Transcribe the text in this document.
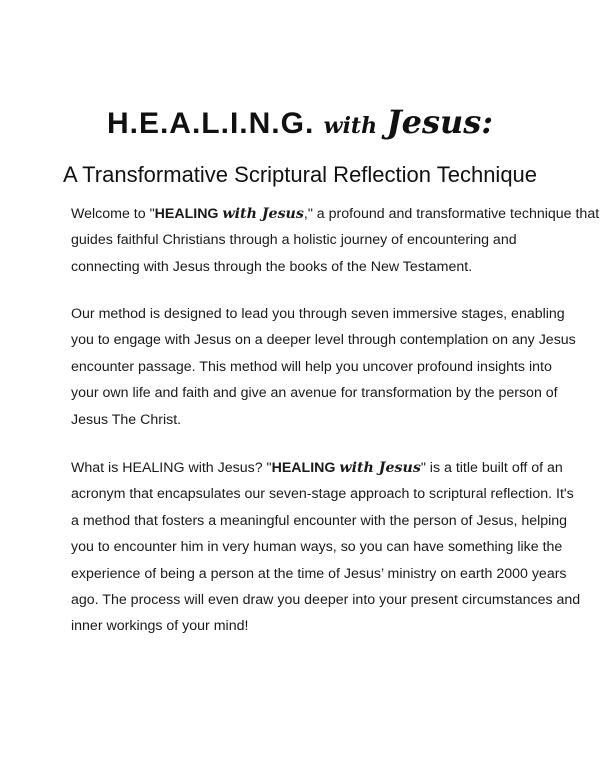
H.E.A.L.I.N.G. with Jesus:
A Transformative Scriptural Reflection Technique
Welcome to "HEALING with Jesus," a profound and transformative technique that
guides faithful Christians through a holistic journey of encountering and
connecting with Jesus through the books of the New Testament.
Our method is designed to lead you through seven immersive stages, enabling
you to engage with Jesus on a deeper level through contemplation on any Jesus
encounter passage. This method will help you uncover profound insights into
your own life and faith and give an avenue for transformation by the person of
Jesus The Christ.
What is HEALING with Jesus? "HEALING with Jesus" is a title built off of an
acronym that encapsulates our seven-stage approach to scriptural reflection. It's
a method that fosters a meaningful encounter with the person of Jesus, helping
you to encounter him in very human ways, so you can have something like the
experience of being a person at the time of Jesus’ ministry on earth 2000 years
ago. The process will even draw you deeper into your present circumstances and
inner workings of your mind!
